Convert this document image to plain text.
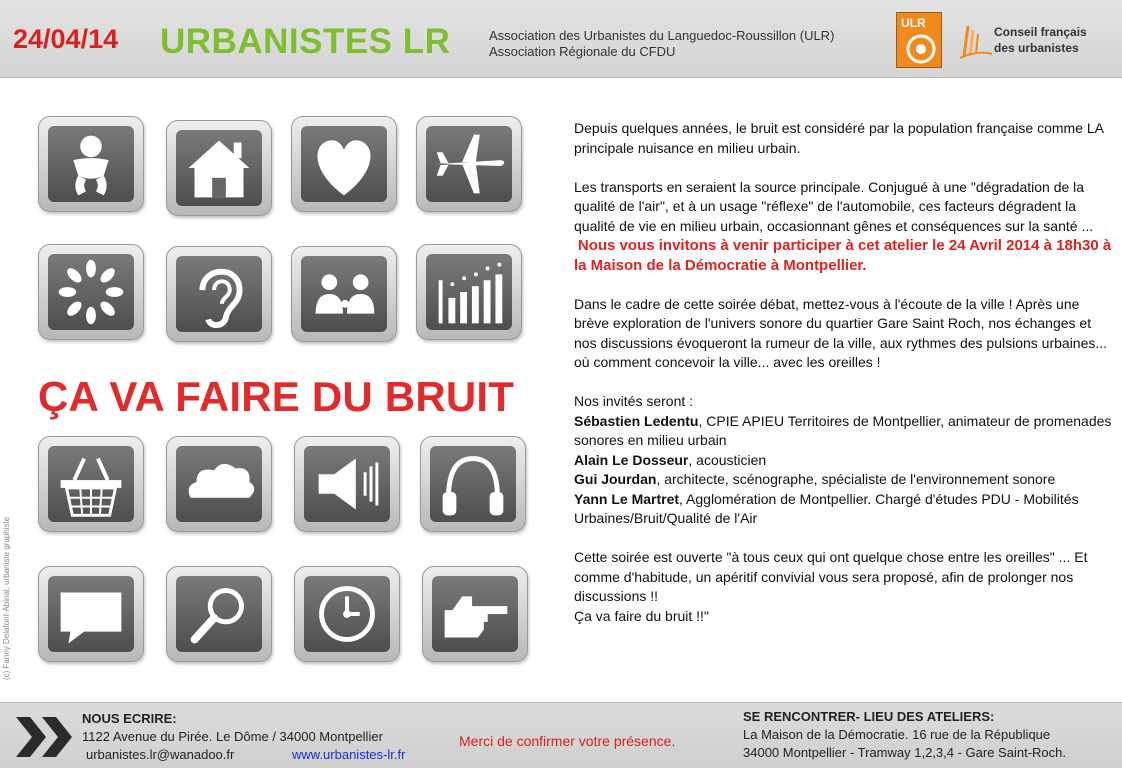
24/04/14 URBANISTES LR	Association des Urbanistes du Languedoc-Roussillon (ULR)
Association Régionale du CFDU
ULR
Conseil français
des urbanistes
ÇA VA FAIRE DU BRUIT
(c) Fanny Delafont-Abinal, urbaniste graphiste

Depuis quelques années, le bruit est considéré par la population française comme LA principale nuisance en milieu urbain.

Les transports en seraient la source principale. Conjugué à une "dégradation de la qualité de l'air", et à un usage "réflexe" de l'automobile, ces facteurs dégradent la qualité de vie en milieu urbain, occasionnant gênes et conséquences sur la santé ...  Nous vous invitons à venir participer à cet atelier le 24 Avril 2014 à 18h30 à la Maison de la Démocratie à Montpellier.

Dans le cadre de cette soirée débat, mettez-vous à l'écoute de la ville ! Après une brève exploration de l'univers sonore du quartier Gare Saint Roch, nos échanges et nos discussions évoqueront la rumeur de la ville, aux rythmes des pulsions urbaines... où comment concevoir la ville... avec les oreilles !

Nos invités seront :
Sébastien Ledentu, CPIE APIEU Territoires de Montpellier, animateur de promenades sonores en milieu urbain
Alain Le Dosseur, acousticien
Gui Jourdan, architecte, scénographe, spécialiste de l'environnement sonore
Yann Le Martret, Agglomération de Montpellier. Chargé d'études PDU - Mobilités Urbaines/Bruit/Qualité de l'Air
Cette soirée est ouverte "à tous ceux qui ont quelque chose entre les oreilles" ... Et comme d'habitude, un apéritif convivial vous sera proposé, afin de prolonger nos discussions !!
Ça va faire du bruit !!"
NOUS ECRIRE:
1122 Avenue du Pirée. Le Dôme / 34000 Montpellier
urbanistes.lr@wanadoo.fr	www.urbanistes-lr.fr
Merci de confirmer votre présence.
SE RENCONTRER- LIEU DES ATELIERS:
La Maison de la Démocratie. 16 rue de la République
34000 Montpellier - Tramway 1,2,3,4 - Gare Saint-Roch.
